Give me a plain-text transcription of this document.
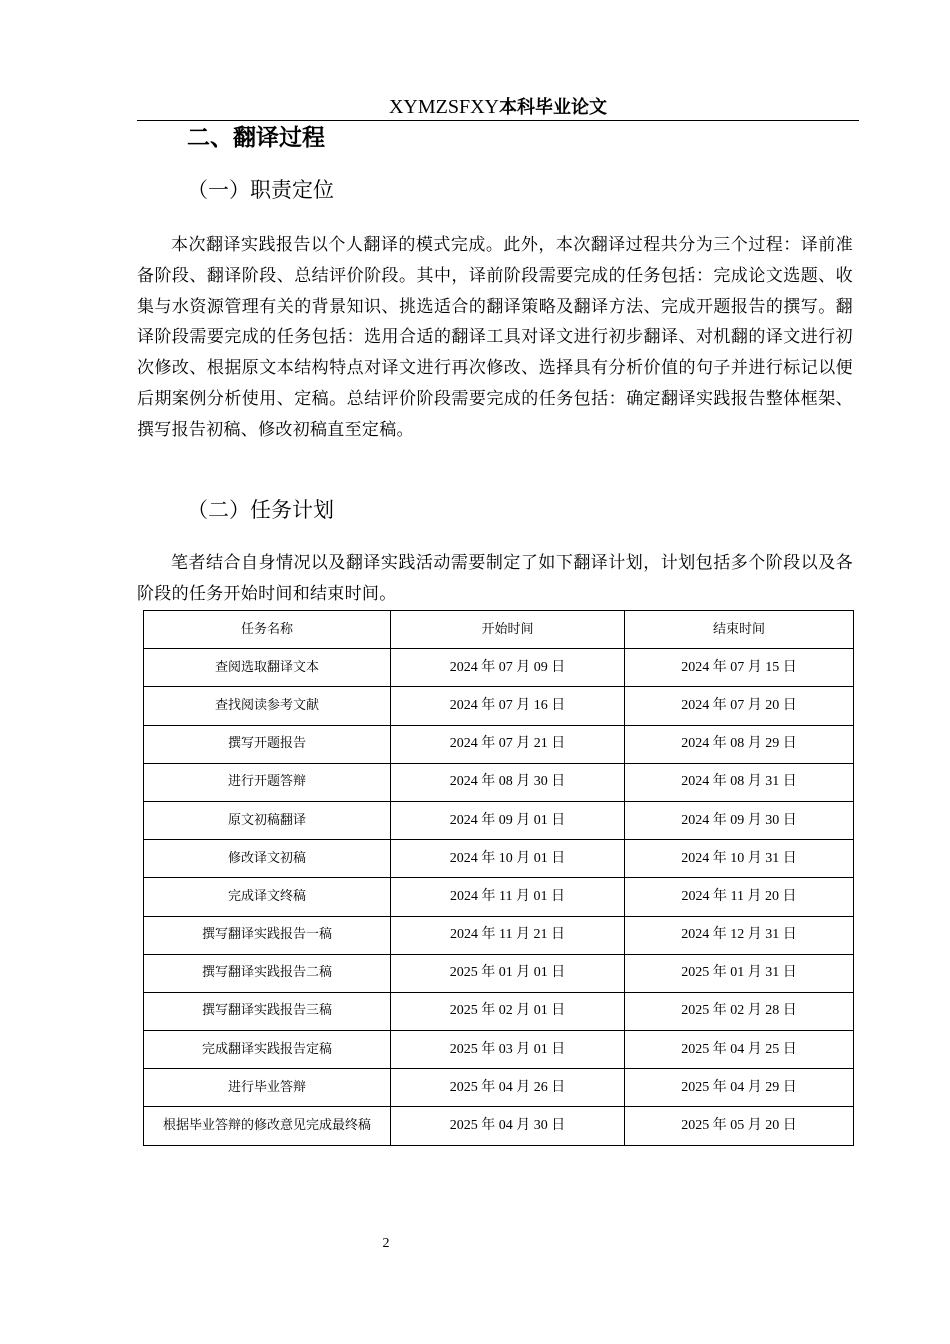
XYMZSFXY本科毕业论文
二、翻译过程
（一）职责定位
本次翻译实践报告以个人翻译的模式完成。此外，本次翻译过程共分为三个过程：译前准备阶段、翻译阶段、总结评价阶段。其中，译前阶段需要完成的任务包括：完成论文选题、收集与水资源管理有关的背景知识、挑选适合的翻译策略及翻译方法、完成开题报告的撰写。翻译阶段需要完成的任务包括：选用合适的翻译工具对译文进行初步翻译、对机翻的译文进行初次修改、根据原文本结构特点对译文进行再次修改、选择具有分析价值的句子并进行标记以便后期案例分析使用、定稿。总结评价阶段需要完成的任务包括：确定翻译实践报告整体框架、撰写报告初稿、修改初稿直至定稿。
（二）任务计划
笔者结合自身情况以及翻译实践活动需要制定了如下翻译计划，计划包括多个阶段以及各阶段的任务开始时间和结束时间。
任务名称	开始时间	结束时间
查阅选取翻译文本	2024 年 07 月 09 日	2024 年 07 月 15 日
查找阅读参考文献	2024 年 07 月 16 日	2024 年 07 月 20 日
撰写开题报告	2024 年 07 月 21 日	2024 年 08 月 29 日
进行开题答辩	2024 年 08 月 30 日	2024 年 08 月 31 日
原文初稿翻译	2024 年 09 月 01 日	2024 年 09 月 30 日
修改译文初稿	2024 年 10 月 01 日	2024 年 10 月 31 日
完成译文终稿	2024 年 11 月 01 日	2024 年 11 月 20 日
撰写翻译实践报告一稿	2024 年 11 月 21 日	2024 年 12 月 31 日
撰写翻译实践报告二稿	2025 年 01 月 01 日	2025 年 01 月 31 日
撰写翻译实践报告三稿	2025 年 02 月 01 日	2025 年 02 月 28 日
完成翻译实践报告定稿	2025 年 03 月 01 日	2025 年 04 月 25 日
进行毕业答辩	2025 年 04 月 26 日	2025 年 04 月 29 日
根据毕业答辩的修改意见完成最终稿	2025 年 04 月 30 日	2025 年 05 月 20 日
2
